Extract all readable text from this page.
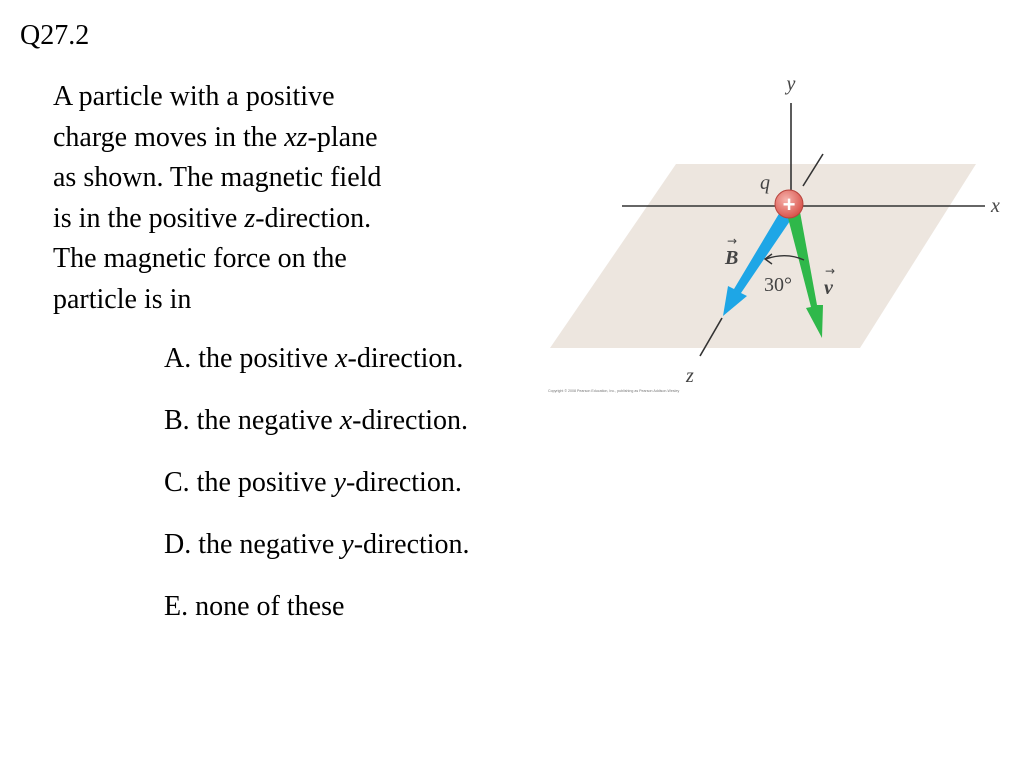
Q27.2
A particle with a positive
charge moves in the xz-plane
as shown. The magnetic field
is in the positive z-direction.
The magnetic force on the
particle is in
A. the positive x-direction.
B. the negative x-direction.
C. the positive y-direction.
D. the negative y-direction.
E. none of these
+
y
x
z
q
B
→
30° v
→
Copyright © 2008 Pearson Education, Inc., publishing as Pearson Addison-Wesley
